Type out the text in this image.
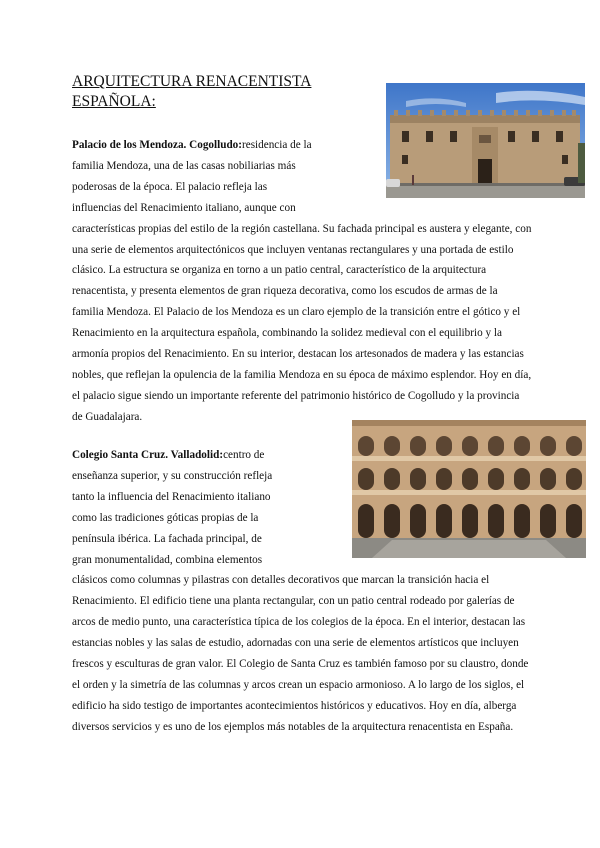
ARQUITECTURA RENACENTISTA ESPAÑOLA:

Palacio de los Mendoza. Cogolludo:residencia de la familia Mendoza, una de las casas nobiliarias más poderosas de la época. El palacio refleja las influencias del Renacimiento italiano, aunque con características propias del estilo de la región castellana. Su fachada principal es austera y elegante, con una serie de elementos arquitectónicos que incluyen ventanas rectangulares y una portada de estilo clásico. La estructura se organiza en torno a un patio central, característico de la arquitectura renacentista, y presenta elementos de gran riqueza decorativa, como los escudos de armas de la familia Mendoza. El Palacio de los Mendoza es un claro ejemplo de la transición entre el gótico y el Renacimiento en la arquitectura española, combinando la solidez medieval con el equilibrio y la armonía propios del Renacimiento. En su interior, destacan los artesonados de madera y las estancias nobles, que reflejan la opulencia de la familia Mendoza en su época de máximo esplendor. Hoy en día, el palacio sigue siendo un importante referente del patrimonio histórico de Cogolludo y la provincia de Guadalajara.

Colegio Santa Cruz. Valladolid:centro de enseñanza superior, y su construcción refleja tanto la influencia del Renacimiento italiano como las tradiciones góticas propias de la península ibérica. La fachada principal, de gran monumentalidad, combina elementos clásicos como columnas y pilastras con detalles decorativos que marcan la transición hacia el Renacimiento. El edificio tiene una planta rectangular, con un patio central rodeado por galerías de arcos de medio punto, una característica típica de los colegios de la época. En el interior, destacan las estancias nobles y las salas de estudio, adornadas con una serie de elementos artísticos que incluyen frescos y esculturas de gran valor. El Colegio de Santa Cruz es también famoso por su claustro, donde el orden y la simetría de las columnas y arcos crean un espacio armonioso. A lo largo de los siglos, el edificio ha sido testigo de importantes acontecimientos históricos y educativos. Hoy en día, alberga diversos servicios y es uno de los ejemplos más notables de la arquitectura renacentista en España.
